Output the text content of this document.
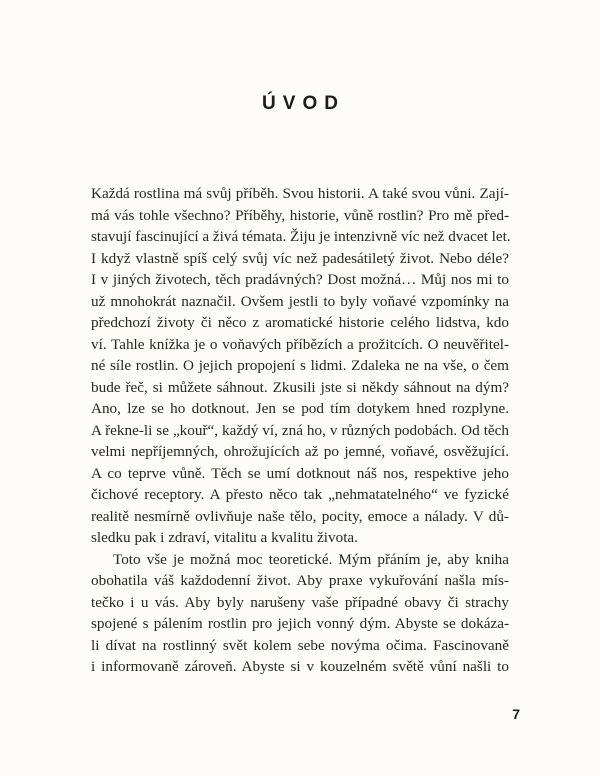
ÚVOD
Každá rostlina má svůj příběh. Svou historii. A také svou vůni. Zají-
má vás tohle všechno? Příběhy, historie, vůně rostlin? Pro mě před-
stavují fascinující a živá témata. Žiju je intenzivně víc než dvacet let.
I když vlastně spíš celý svůj víc než padesátiletý život. Nebo déle?
I v jiných životech, těch pradávných? Dost možná… Můj nos mi to
už mnohokrát naznačil. Ovšem jestli to byly voňavé vzpomínky na
předchozí životy či něco z aromatické historie celého lidstva, kdo
ví. Tahle knížka je o voňavých příbězích a prožitcích. O neuvěřitel-
né síle rostlin. O jejich propojení s lidmi. Zdaleka ne na vše, o čem
bude řeč, si můžete sáhnout. Zkusili jste si někdy sáhnout na dým?
Ano, lze se ho dotknout. Jen se pod tím dotykem hned rozplyne.
A řekne-li se „kouř“, každý ví, zná ho, v různých podobách. Od těch
velmi nepříjemných, ohrožujících až po jemné, voňavé, osvěžující.
A co teprve vůně. Těch se umí dotknout náš nos, respektive jeho
čichové receptory. A přesto něco tak „nehmatatelného“ ve fyzické
realitě nesmírně ovlivňuje naše tělo, pocity, emoce a nálady. V dů-
sledku pak i zdraví, vitalitu a kvalitu života.
Toto vše je možná moc teoretické. Mým přáním je, aby kniha
obohatila váš každodenní život. Aby praxe vykuřování našla mís-
tečko i u vás. Aby byly narušeny vaše případné obavy či strachy
spojené s pálením rostlin pro jejich vonný dým. Abyste se dokáza-
li dívat na rostlinný svět kolem sebe novýma očima. Fascinovaně
i informovaně zároveň. Abyste si v kouzelném světě vůní našli to
7
